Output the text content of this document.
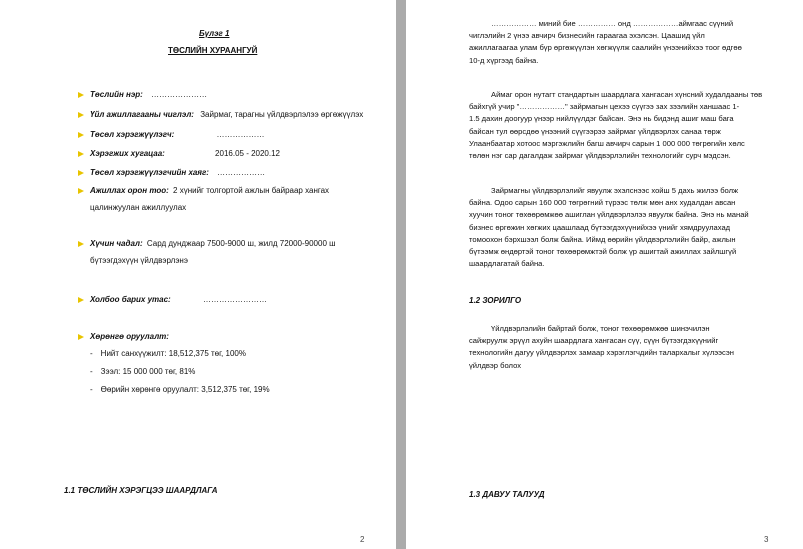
Бүлэг 1
ТӨСЛИЙН ХУРААНГУЙ
Төслийн нэр: …………………
Үйл ажиллагааны чиглэл: Зайрмаг, тарагны үйлдвэрлэлээ өргөжүүлэх
Төсөл хэрэгжүүлэгч:	………………
Хэрэгжих хугацаа:	2016.05 - 2020.12
Төсөл хэрэгжүүлэгчийн хаяг: ………………
Ажиллах орон тоо: 2 хүнийг толгортой ажлын байраар хангах
цалинжуулан ажиллуулах
Хүчин чадал: Сард дунджаар 7500-9000 ш, жилд 72000-90000 ш
бүтээгдэхүүн үйлдвэрлэнэ
Холбоо барих утас:	……………………
Хөрөнгө оруулалт:
- Нийт санхүүжилт: 18,512,375 төг, 100%
- Зээл: 15 000 000 төг, 81%
- Өөрийн хөрөнгө оруулалт: 3,512,375 төг, 19%
1.1 ТӨСЛИЙН ХЭРЭГЦЭЭ ШААРДЛАГА
2
……………… миний бие …………… онд ………………аймгаас сүүний
чиглэлийн 2 үнээ авчирч бизнесийн гараагаа эхэлсэн. Цаашид үйл
ажиллагаагаа улам бүр өргөжүүлэн хөгжүүлж саалийн үнээнийхээ тоог өдгөө
10-д хүргээд байна.
Аймаг орон нутагт стандартын шаардлага хангасан хүнсний худалдааны төв
байхгүй учир "………………" зайрмагын цехээ сүүгээ зах зээлийн ханшаас 1-
1.5 дахин доогуур үнээр нийлүүлдэг байсан. Энэ нь бидэнд ашиг маш бага
байсан тул өөрсдөө үнээний сүүгээрээ зайрмаг үйлдвэрлэх санаа төрж
Улаанбаатар хотоос мэргэжлийн багш авчирч сарын 1 000 000 төгрөгийн хөлс
төлөн нэг сар дагалдаж зайрмаг үйлдвэрлэлийн технологийг сурч мэдсэн.
Зайрмагны үйлдвэрлэлийг явуулж эхэлснээс хойш 5 дахь жилээ болж
байна. Одоо сарын 160 000 төгрөгний түрээс төлж мөн анх худалдан авсан
хуучин тоног төхөөрөмжөө ашиглан үйлдвэрлэлээ явуулж байна. Энэ нь манай
бизнес өргөжин хөгжих цаашлаад бүтээгдэхүүнийхээ үнийг хямдруулахад
томоохон бэрхшээл болж байна. Иймд өөрийн үйлдвэрлэлийн байр, ажлын
бүтээмж өндөртэй тоног төхөөрөмжтэй болж үр ашигтай ажиллах зайлшгүй
шаардлагатай байна.
1.2 ЗОРИЛГО
Үйлдвэрлэлийн байртай болж, тоног төхөөрөмжөө шинэчилэн
сайжруулж эрүүл ахуйн шаардлага хангасан сүү, сүүн бүтээгдэхүүнийг
технологийн дагуу үйлдвэрлэх замаар хэрэглэгчдийн талархалыг хүлээсэн
үйлдвэр болох
1.3 ДАВУУ ТАЛУУД
3
